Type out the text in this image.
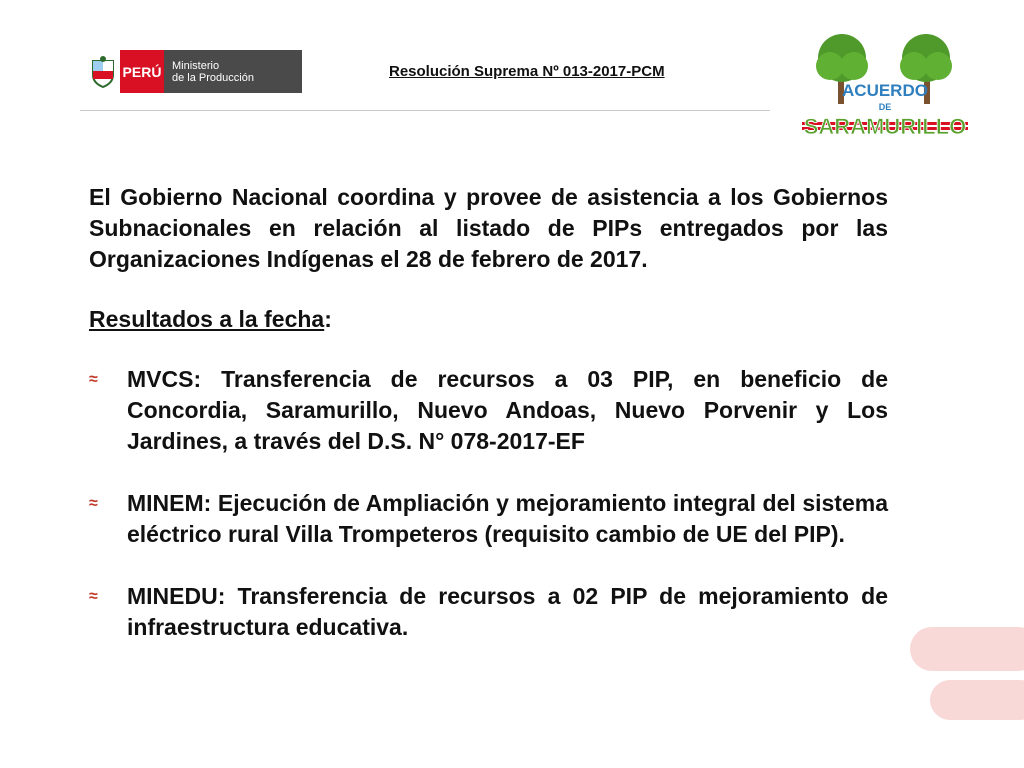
PERÚ Ministerio
de la Producción	Resolución Suprema Nº 013-2017-PCM
ACUERDO
DE
SARAMURILLO

El Gobierno Nacional coordina y provee de asistencia a los Gobiernos Subnacionales en relación al listado de PIPs entregados por las Organizaciones Indígenas el 28 de febrero de 2017.

Resultados a la fecha:

≈	MVCS: Transferencia de recursos a 03 PIP, en beneficio de Concordia, Saramurillo, Nuevo Andoas, Nuevo Porvenir y Los Jardines, a través del D.S. N° 078-2017-EF
≈	MINEM: Ejecución de Ampliación y mejoramiento integral del sistema eléctrico rural Villa Trompeteros (requisito cambio de UE del PIP).
≈	MINEDU: Transferencia de recursos a 02 PIP de mejoramiento de infraestructura educativa.
